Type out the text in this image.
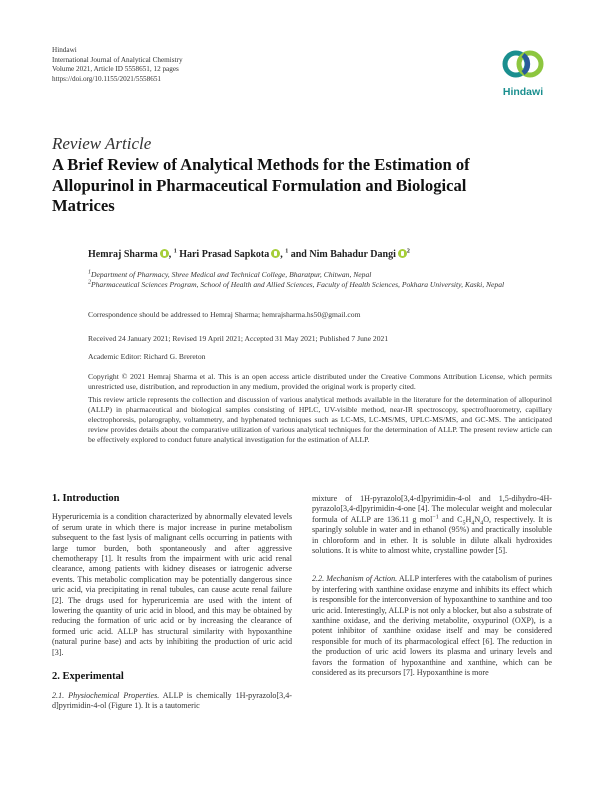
Hindawi
International Journal of Analytical Chemistry
Volume 2021, Article ID 5558651, 12 pages
https://doi.org/10.1155/2021/5558651
Hindawi
Review Article
A Brief Review of Analytical Methods for the Estimation of Allopurinol in Pharmaceutical Formulation and Biological Matrices
Hemraj Sharma , $^1$ Hari Prasad Sapkota , $^1$ and Nim Bahadur Dangi $^2$
$^1$Department of Pharmacy, Shree Medical and Technical College, Bharatpur, Chitwan, Nepal
$^2$Pharmaceutical Sciences Program, School of Health and Allied Sciences, Faculty of Health Sciences, Pokhara University, Kaski, Nepal
Correspondence should be addressed to Hemraj Sharma; hemrajsharma.hs50@gmail.com
Received 24 January 2021; Revised 19 April 2021; Accepted 31 May 2021; Published 7 June 2021
Academic Editor: Richard G. Brereton
Copyright © 2021 Hemraj Sharma et al. This is an open access article distributed under the Creative Commons Attribution License, which permits unrestricted use, distribution, and reproduction in any medium, provided the original work is properly cited.
This review article represents the collection and discussion of various analytical methods available in the literature for the determination of allopurinol (ALLP) in pharmaceutical and biological samples consisting of HPLC, UV-visible method, near-IR spectroscopy, spectrofluorometry, capillary electrophoresis, polarography, voltammetry, and hyphenated techniques such as LC-MS, LC-MS/MS, UPLC-MS/MS, and GC-MS. The anticipated review provides details about the comparative utilization of various analytical techniques for the determination of ALLP. The present review article can be effectively explored to conduct future analytical investigation for the estimation of ALLP.
1. Introduction

Hyperuricemia is a condition characterized by abnormally elevated levels of serum urate in which there is major increase in purine metabolism subsequent to the fast lysis of malignant cells occurring in patients with large tumor burden, both spontaneously and after aggressive chemotherapy [1]. It results from the impairment with uric acid renal clearance, among patients with kidney diseases or iatrogenic adverse events. This metabolic complication may be potentially dangerous since uric acid, via precipitating in renal tubules, can cause acute renal failure [2]. The drugs used for hyperuricemia are used with the intent of lowering the quantity of uric acid in blood, and this may be obtained by reducing the formation of uric acid or by increasing the clearance of formed uric acid. ALLP has structural similarity with hypoxanthine (natural purine base) and acts by inhibiting the production of uric acid [3].

2. Experimental

2.1. Physiochemical Properties. ALLP is chemically 1H-pyrazolo[3,4-d]pyrimidin-4-ol (Figure 1). It is a tautomeric

mixture of 1H-pyrazolo[3,4-d]pyrimidin-4-ol and 1,5-dihydro-4H-pyrazolo[3,4-d]pyrimidin-4-one [4]. The molecular weight and molecular formula of ALLP are 136.11 g mol$^{-1}$ and $C_5H_4N_4O$, respectively. It is sparingly soluble in water and in ethanol (95%) and practically insoluble in chloroform and in ether. It is soluble in dilute alkali hydroxides solutions. It is white to almost white, crystalline powder [5].

2.2. Mechanism of Action. ALLP interferes with the catabolism of purines by interfering with xanthine oxidase enzyme and inhibits its effect which is responsible for the interconversion of hypoxanthine to xanthine and too uric acid. Interestingly, ALLP is not only a blocker, but also a substrate of xanthine oxidase, and the deriving metabolite, oxypurinol (OXP), is a potent inhibitor of xanthine oxidase itself and may be considered responsible for much of its pharmacological effect [6]. The reduction in the production of uric acid lowers its plasma and urinary levels and favors the formation of hypoxanthine and xanthine, which can be considered as its precursors [7]. Hypoxanthine is more
